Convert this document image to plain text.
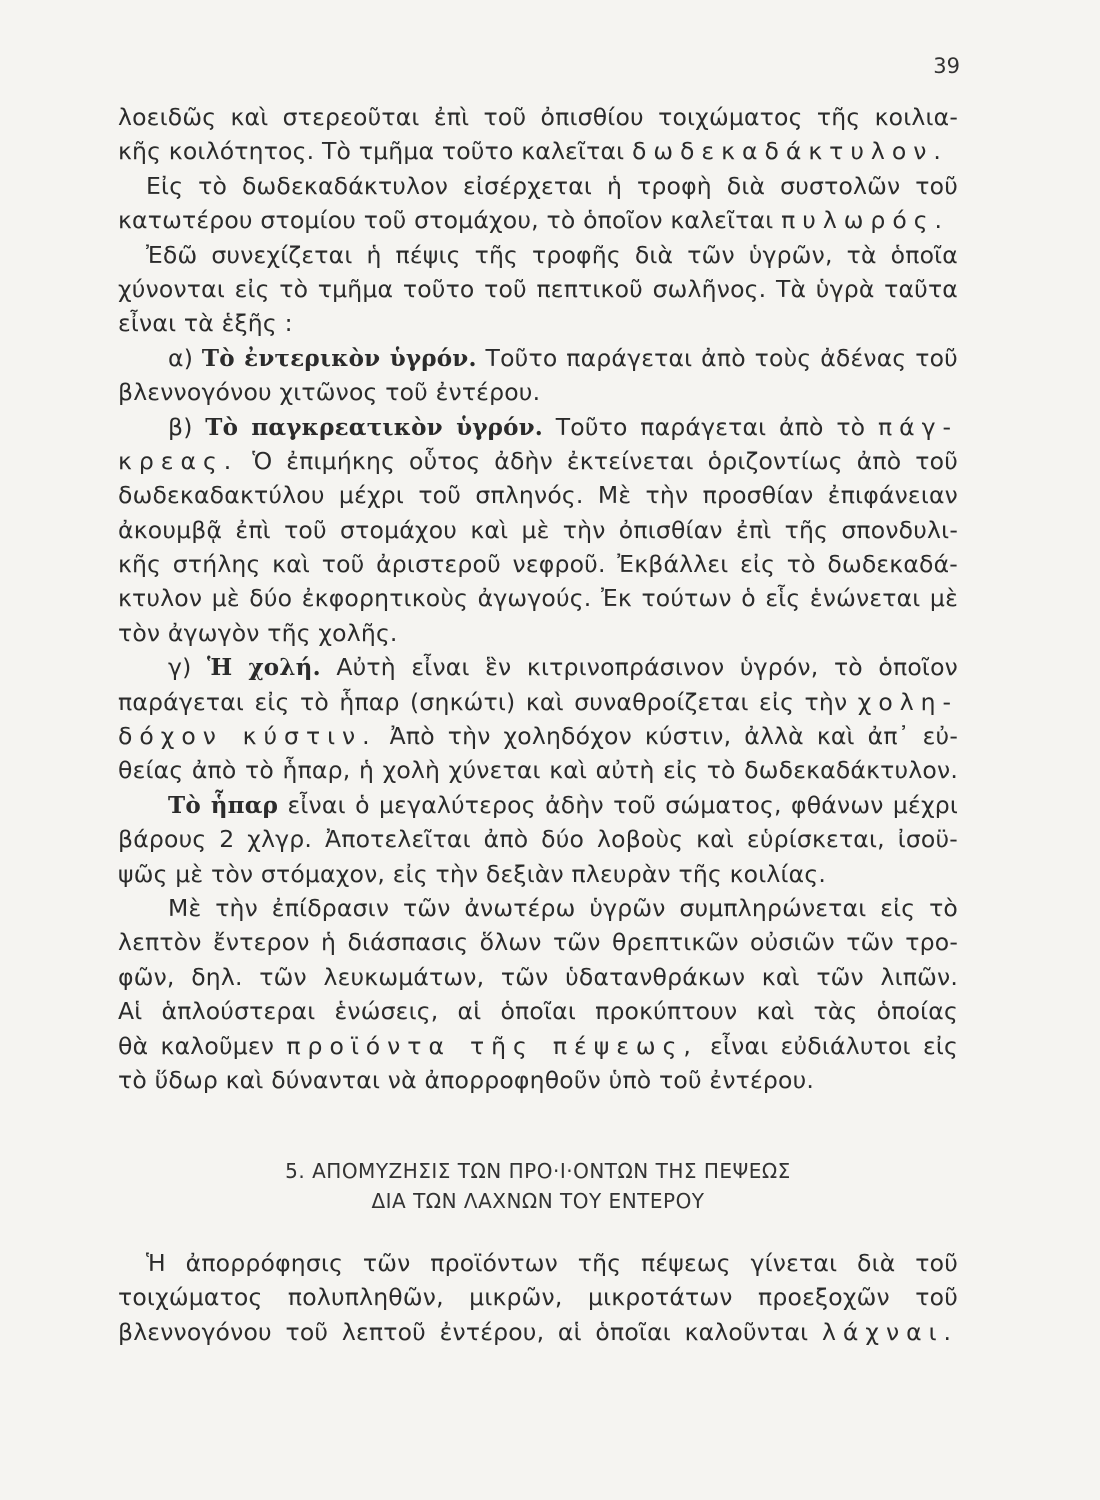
39
λοειδῶς καὶ στερεοῦται ἐπὶ τοῦ ὀπισθίου τοιχώματος τῆς κοιλια-
κῆς κοιλότητος. Τὸ τμῆμα τοῦτο καλεῖται δωδεκαδάκτυλον.
Εἰς τὸ δωδεκαδάκτυλον εἰσέρχεται ἡ τροφὴ διὰ συστολῶν τοῦ
κατωτέρου στομίου τοῦ στομάχου, τὸ ὁποῖον καλεῖται πυλωρός.
Ἐδῶ συνεχίζεται ἡ πέψις τῆς τροφῆς διὰ τῶν ὑγρῶν, τὰ ὁποῖα
χύνονται εἰς τὸ τμῆμα τοῦτο τοῦ πεπτικοῦ σωλῆνος. Τὰ ὑγρὰ ταῦτα
εἶναι τὰ ἑξῆς :
α) Τὸ ἐντερικὸν ὑγρόν. Τοῦτο παράγεται ἀπὸ τοὺς ἀδένας τοῦ
βλεννογόνου χιτῶνος τοῦ ἐντέρου.
β) Τὸ παγκρεατικὸν ὑγρόν. Τοῦτο παράγεται ἀπὸ τὸ πάγ-
κρεας. Ὁ ἐπιμήκης οὗτος ἀδὴν ἐκτείνεται ὁριζοντίως ἀπὸ τοῦ
δωδεκαδακτύλου μέχρι τοῦ σπληνός. Μὲ τὴν προσθίαν ἐπιφάνειαν
ἀκουμβᾷ ἐπὶ τοῦ στομάχου καὶ μὲ τὴν ὀπισθίαν ἐπὶ τῆς σπονδυλι-
κῆς στήλης καὶ τοῦ ἀριστεροῦ νεφροῦ. Ἐκβάλλει εἰς τὸ δωδεκαδά-
κτυλον μὲ δύο ἐκφορητικοὺς ἀγωγούς. Ἐκ τούτων ὁ εἷς ἑνώνεται μὲ
τὸν ἀγωγὸν τῆς χολῆς.
γ) Ἡ χολή. Αὐτὴ εἶναι ἓν κιτρινοπράσινον ὑγρόν, τὸ ὁποῖον
παράγεται εἰς τὸ ἧπαρ (σηκώτι) καὶ συναθροίζεται εἰς τὴν χολη-
δόχον κύστιν. Ἀπὸ τὴν χοληδόχον κύστιν, ἀλλὰ καὶ ἀπ᾿ εὐ-
θείας ἀπὸ τὸ ἧπαρ, ἡ χολὴ χύνεται καὶ αὐτὴ εἰς τὸ δωδεκαδάκτυλον.
Τὸ ἧπαρ εἶναι ὁ μεγαλύτερος ἀδὴν τοῦ σώματος, φθάνων μέχρι
βάρους 2 χλγρ. Ἀποτελεῖται ἀπὸ δύο λοβοὺς καὶ εὑρίσκεται, ἰσοϋ-
ψῶς μὲ τὸν στόμαχον, εἰς τὴν δεξιὰν πλευρὰν τῆς κοιλίας.
Μὲ τὴν ἐπίδρασιν τῶν ἀνωτέρω ὑγρῶν συμπληρώνεται εἰς τὸ
λεπτὸν ἔντερον ἡ διάσπασις ὅλων τῶν θρεπτικῶν οὐσιῶν τῶν τρο-
φῶν, δηλ. τῶν λευκωμάτων, τῶν ὑδατανθράκων καὶ τῶν λιπῶν.
Αἱ ἁπλούστεραι ἑνώσεις, αἱ ὁποῖαι προκύπτουν καὶ τὰς ὁποίας
θὰ καλοῦμεν προϊόντα τῆς πέψεως, εἶναι εὐδιάλυτοι εἰς
τὸ ὕδωρ καὶ δύνανται νὰ ἀπορροφηθοῦν ὑπὸ τοῦ ἐντέρου.
5. ΑΠΟΜΥΖΗΣΙΣ ΤΩΝ ΠΡΟ·Ι·ΟΝΤΩΝ ΤΗΣ ΠΕΨΕΩΣ
ΔΙΑ ΤΩΝ ΛΑΧΝΩΝ ΤΟΥ ΕΝΤΕΡΟΥ
Ἡ ἀπορρόφησις τῶν προϊόντων τῆς πέψεως γίνεται διὰ τοῦ
τοιχώματος πολυπληθῶν, μικρῶν, μικροτάτων προεξοχῶν τοῦ
βλεννογόνου τοῦ λεπτοῦ ἐντέρου, αἱ ὁποῖαι καλοῦνται λάχναι.
